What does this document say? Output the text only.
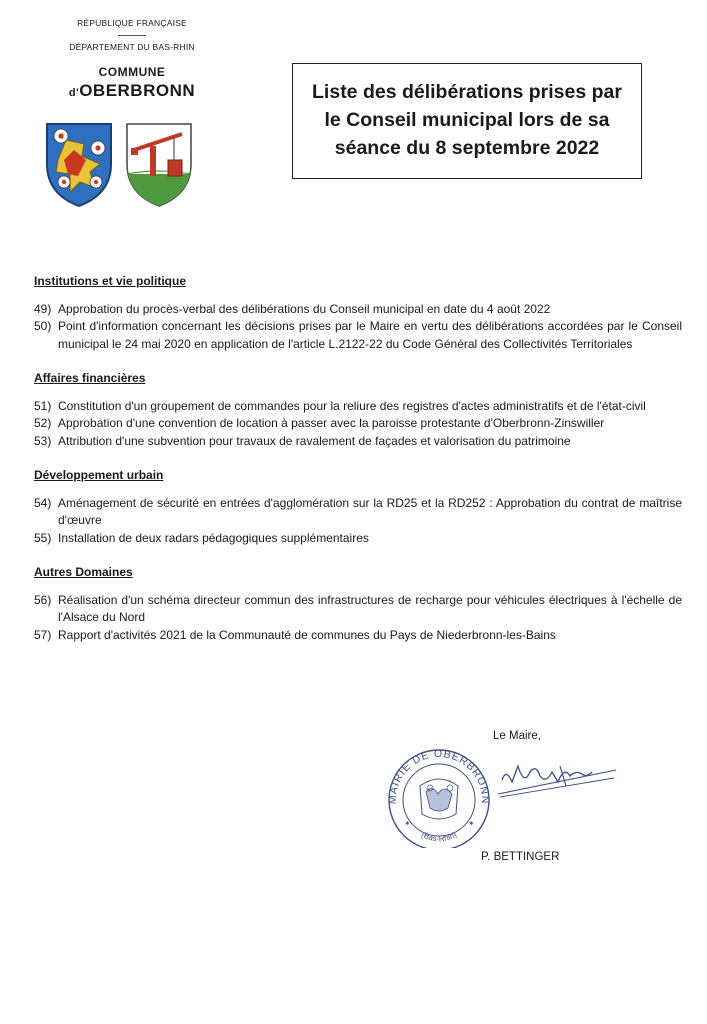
RÉPUBLIQUE FRANÇAISE
DÉPARTEMENT DU BAS-RHIN
COMMUNE
d'OBERBRONN	Liste des délibérations prises par le Conseil municipal lors de sa séance du 8 septembre 2022

Institutions et vie politique

49) Approbation du procès-verbal des délibérations du Conseil municipal en date du 4 août 2022
50) Point d'information concernant les décisions prises par le Maire en vertu des délibérations accordées par le Conseil municipal le 24 mai 2020 en application de l'article L.2122-22 du Code Général des Collectivités Territoriales

Affaires financières

51) Constitution d'un groupement de commandes pour la reliure des registres d'actes administratifs et de l'état-civil
52) Approbation d'une convention de location à passer avec la paroisse protestante d'Oberbronn-Zinswiller
53) Attribution d'une subvention pour travaux de ravalement de façades et valorisation du patrimoine

Développement urbain

54) Aménagement de sécurité en entrées d'agglomération sur la RD25 et la RD252 : Approbation du contrat de maîtrise d'œuvre
55) Installation de deux radars pédagogiques supplémentaires

Autres Domaines

56) Réalisation d'un schéma directeur commun des infrastructures de recharge pour véhicules électriques à l'échelle de l'Alsace du Nord
57) Rapport d'activités 2021 de la Communauté de communes du Pays de Niederbronn-les-Bains
Le Maire,
MAIRIE DE OBERBRONN
(Bas-Rhin)
✶	✶
P. BETTINGER
